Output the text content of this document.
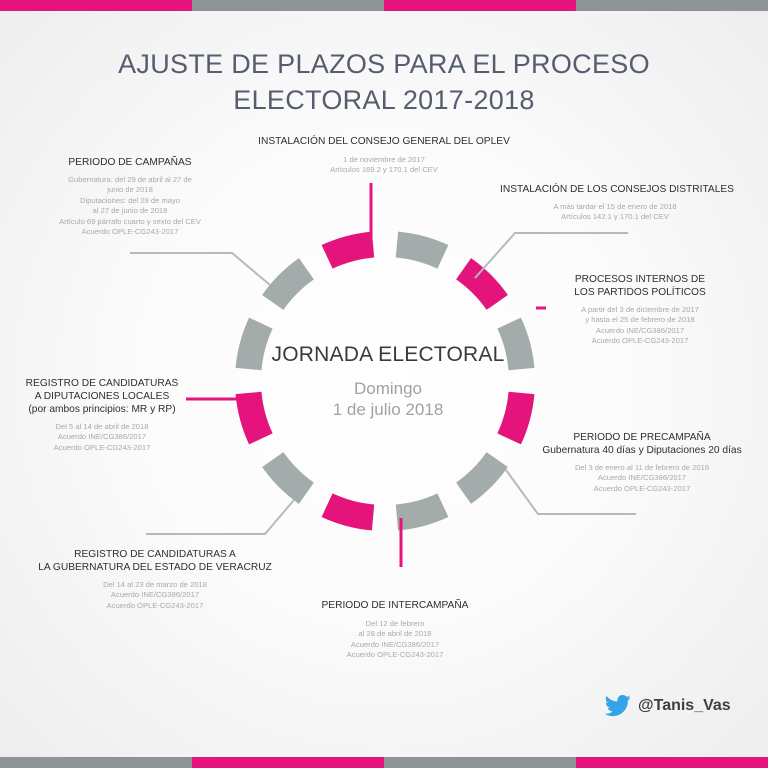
AJUSTE DE PLAZOS PARA EL PROCESO
ELECTORAL 2017-2018
JORNADA ELECTORAL
Domingo
1 de julio 2018
INSTALACIÓN DEL CONSEJO GENERAL DEL OPLEV
1 de noviembre de 2017
Artículos 169.2 y 170.1 del CEV
INSTALACIÓN DE LOS CONSEJOS DISTRITALES
A más tardar el 15 de enero de 2018
Artículos 142.1 y 170.1 del CEV
PROCESOS INTERNOS DE
LOS PARTIDOS POLÍTICOS
A partir del 3 de diciembre de 2017
y hasta el 25 de febrero de 2018
Acuerdo INE/CG386/2017
Acuerdo OPLE-CG243-2017
PERIODO DE PRECAMPAÑA
Gubernatura 40 días y Diputaciones 20 días
Del 3 de enero al 11 de febrero de 2018
Acuerdo INE/CG386/2017
Acuerdo OPLE-CG243-2017
PERIODO DE INTERCAMPAÑA
Del 12 de febrero
al 28 de abril de 2018
Acuerdo INE/CG386/2017
Acuerdo OPLE-CG243-2017
REGISTRO DE CANDIDATURAS A
LA GUBERNATURA DEL ESTADO DE VERACRUZ
Del 14 al 23 de marzo de 2018
Acuerdo INE/CG386/2017
Acuerdo OPLE-CG243-2017
REGISTRO DE CANDIDATURAS
A DIPUTACIONES LOCALES
(por ambos principios: MR y RP)
Del 5 al 14 de abril de 2018
Acuerdo INE/CG386/2017
Acuerdo OPLE-CG243-2017
PERIODO DE CAMPAÑAS
Gubernatura: del 29 de abril al 27 de
junio de 2018
Diputaciones: del 29 de mayo
al 27 de junio de 2018
Artículo 69 párrafo cuarto y sexto del CEV
Acuerdo OPLE-CG243-2017
@Tanis_Vas
